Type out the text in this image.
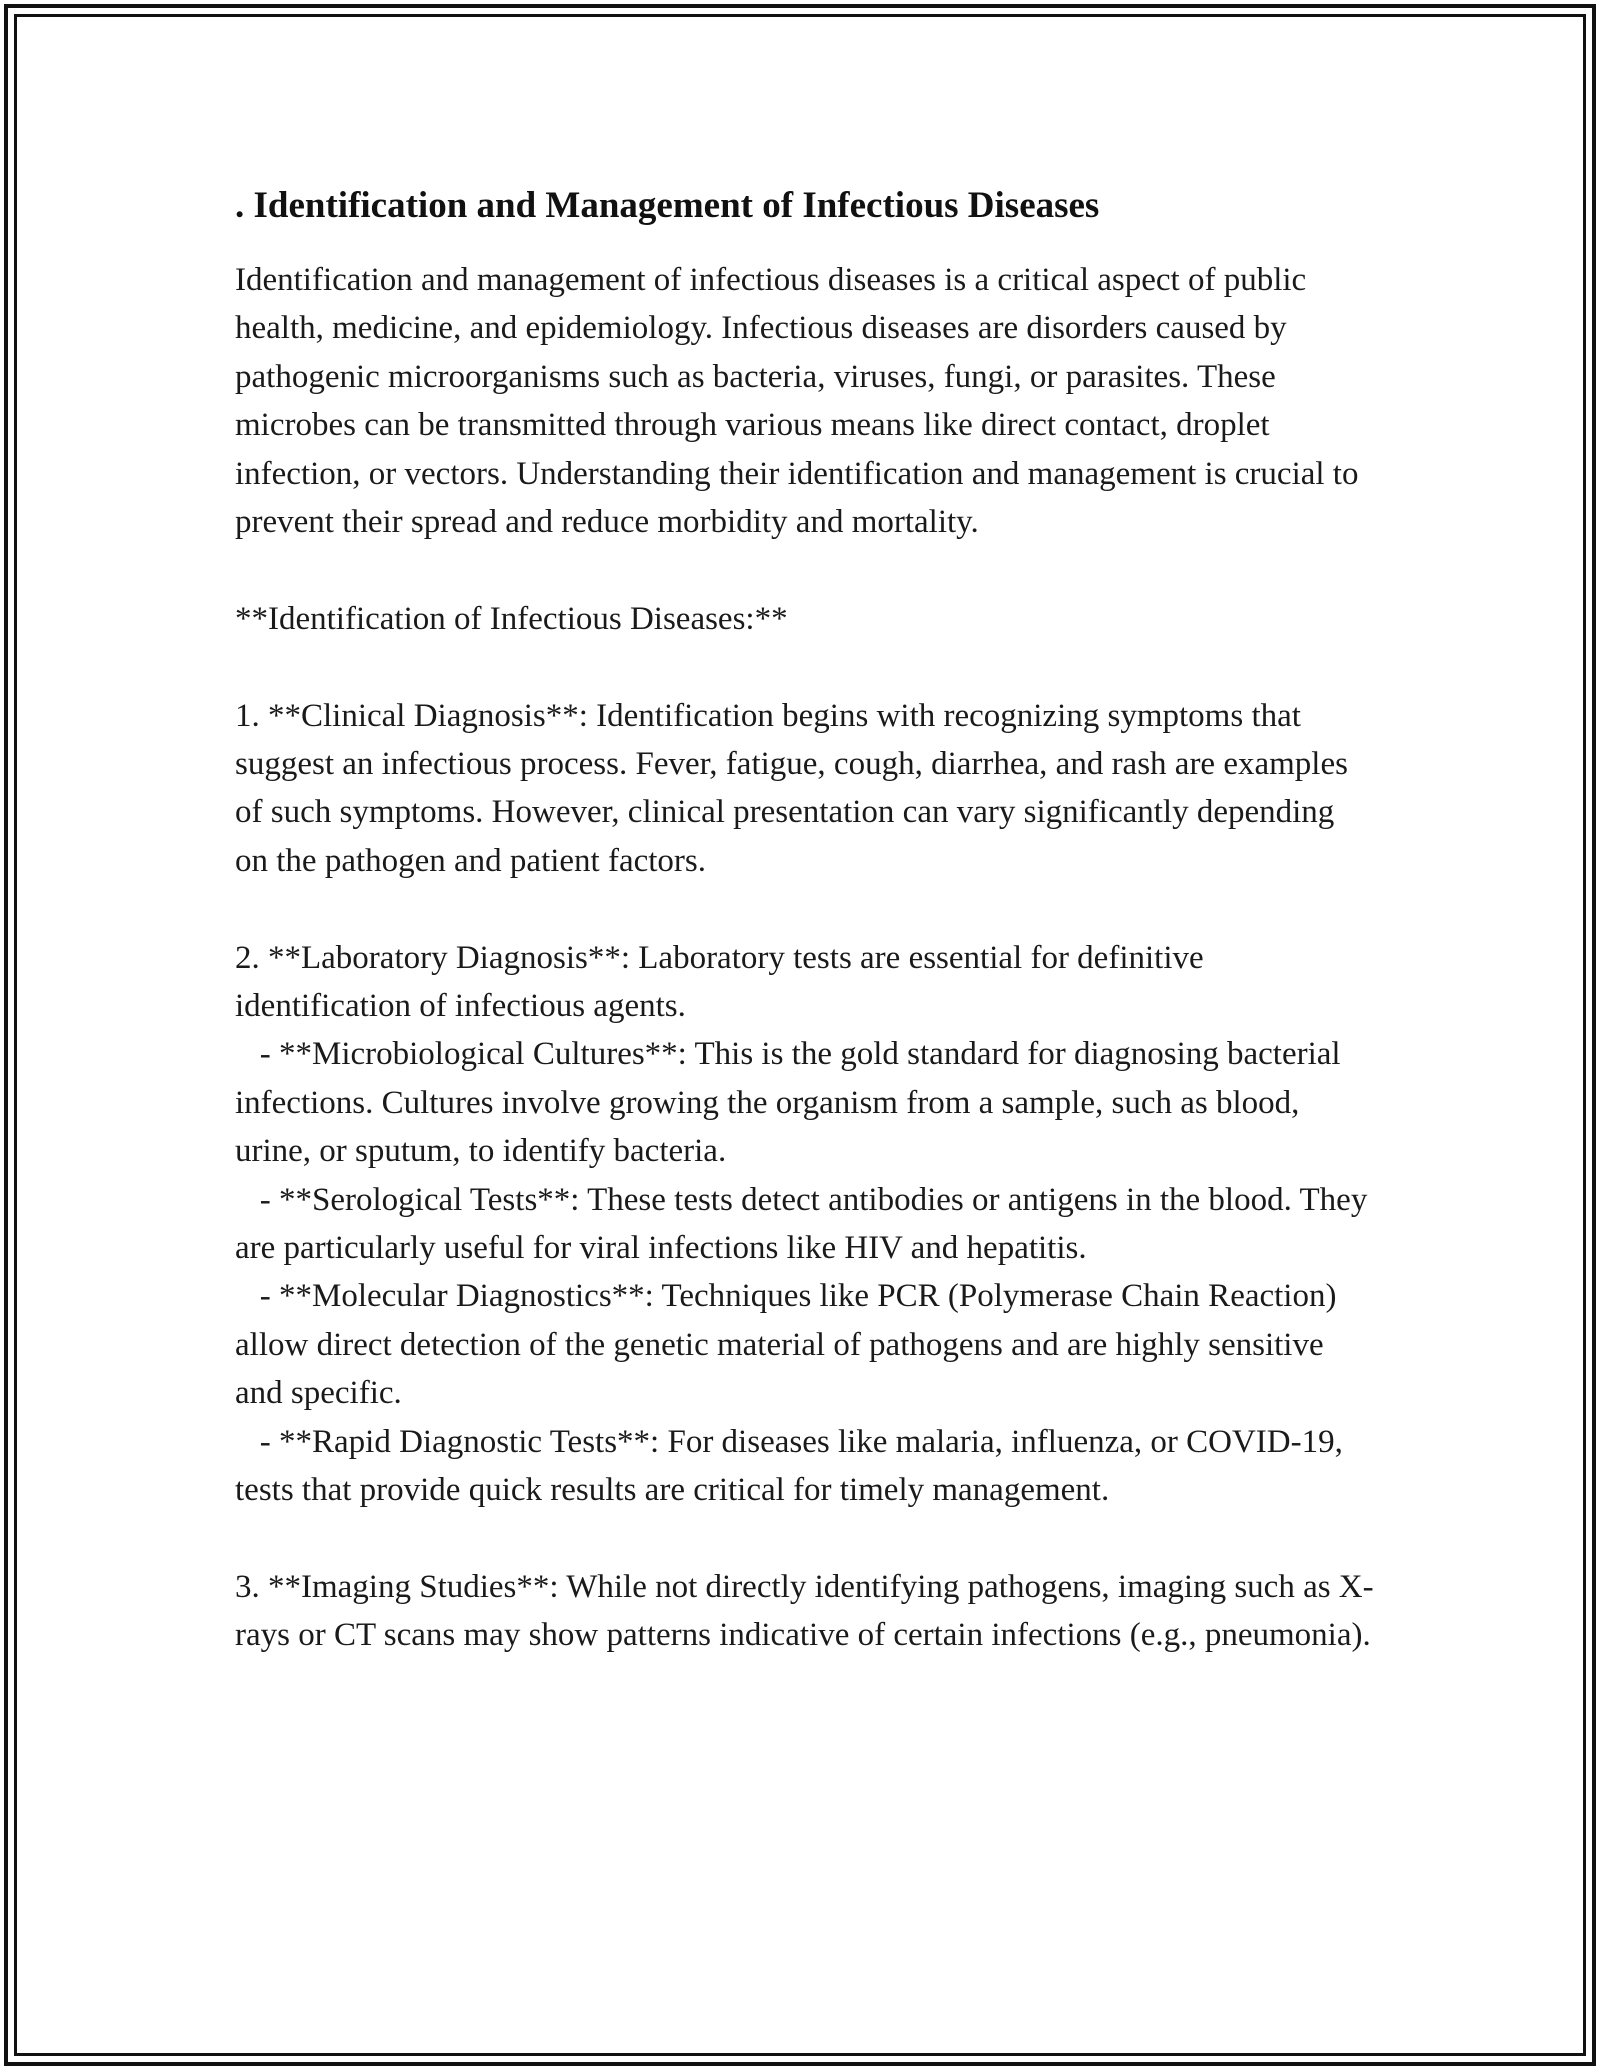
. Identification and Management of Infectious Diseases

Identification and management of infectious diseases is a critical aspect of public health, medicine, and epidemiology. Infectious diseases are disorders caused by pathogenic microorganisms such as bacteria, viruses, fungi, or parasites. These microbes can be transmitted through various means like direct contact, droplet infection, or vectors. Understanding their identification and management is crucial to prevent their spread and reduce morbidity and mortality.

**Identification of Infectious Diseases:**

1. **Clinical Diagnosis**: Identification begins with recognizing symptoms that suggest an infectious process. Fever, fatigue, cough, diarrhea, and rash are examples of such symptoms. However, clinical presentation can vary significantly depending on the pathogen and patient factors.

2. **Laboratory Diagnosis**: Laboratory tests are essential for definitive identification of infectious agents.

- **Microbiological Cultures**: This is the gold standard for diagnosing bacterial infections. Cultures involve growing the organism from a sample, such as blood, urine, or sputum, to identify bacteria.

- **Serological Tests**: These tests detect antibodies or antigens in the blood. They are particularly useful for viral infections like HIV and hepatitis.

- **Molecular Diagnostics**: Techniques like PCR (Polymerase Chain Reaction) allow direct detection of the genetic material of pathogens and are highly sensitive and specific.

- **Rapid Diagnostic Tests**: For diseases like malaria, influenza, or COVID-19, tests that provide quick results are critical for timely management.

3. **Imaging Studies**: While not directly identifying pathogens, imaging such as X-rays or CT scans may show patterns indicative of certain infections (e.g., pneumonia).
